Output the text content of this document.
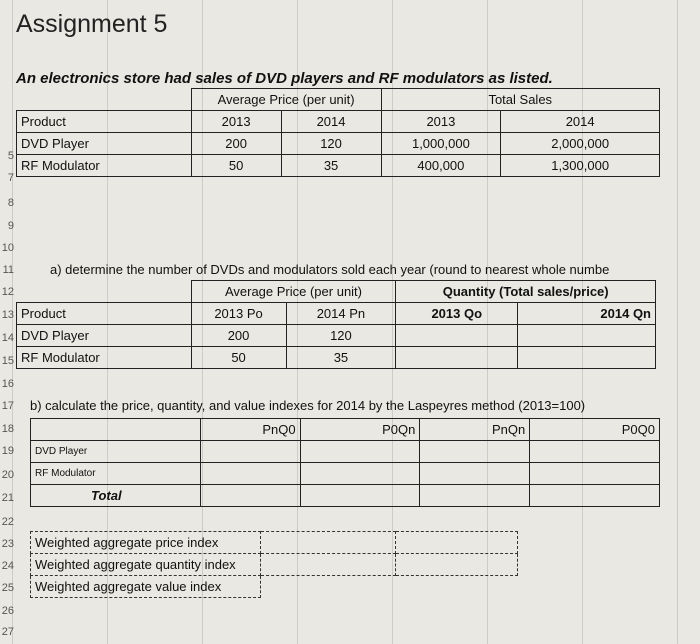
5
7
8
9
10
11
12
13
14
15
16
17
18
19
20
21
22
23
24
25
26
27
Assignment 5
An electronics store had sales of DVD players and RF modulators as listed.
	Average Price (per unit)		Total Sales	
Product	2013	2014	2013	2014
DVD Player	200	120	1,000,000	2,000,000
RF Modulator	50	35	400,000	1,300,000
a) determine the number of DVDs and modulators sold each year (round to nearest whole numbe
	Average Price (per unit)		Quantity (Total sales/price)	
Product	2013 Po	2014 Pn	2013 Qo	2014 Qn
DVD Player	200	120		
RF Modulator	50	35		
b) calculate the price, quantity, and value indexes for 2014 by the Laspeyres method (2013=100)
	PnQ0	P0Qn	PnQn	P0Q0
DVD Player				
RF Modulator				
Total				
Weighted aggregate price index		
Weighted aggregate quantity index		
Weighted aggregate value index		
